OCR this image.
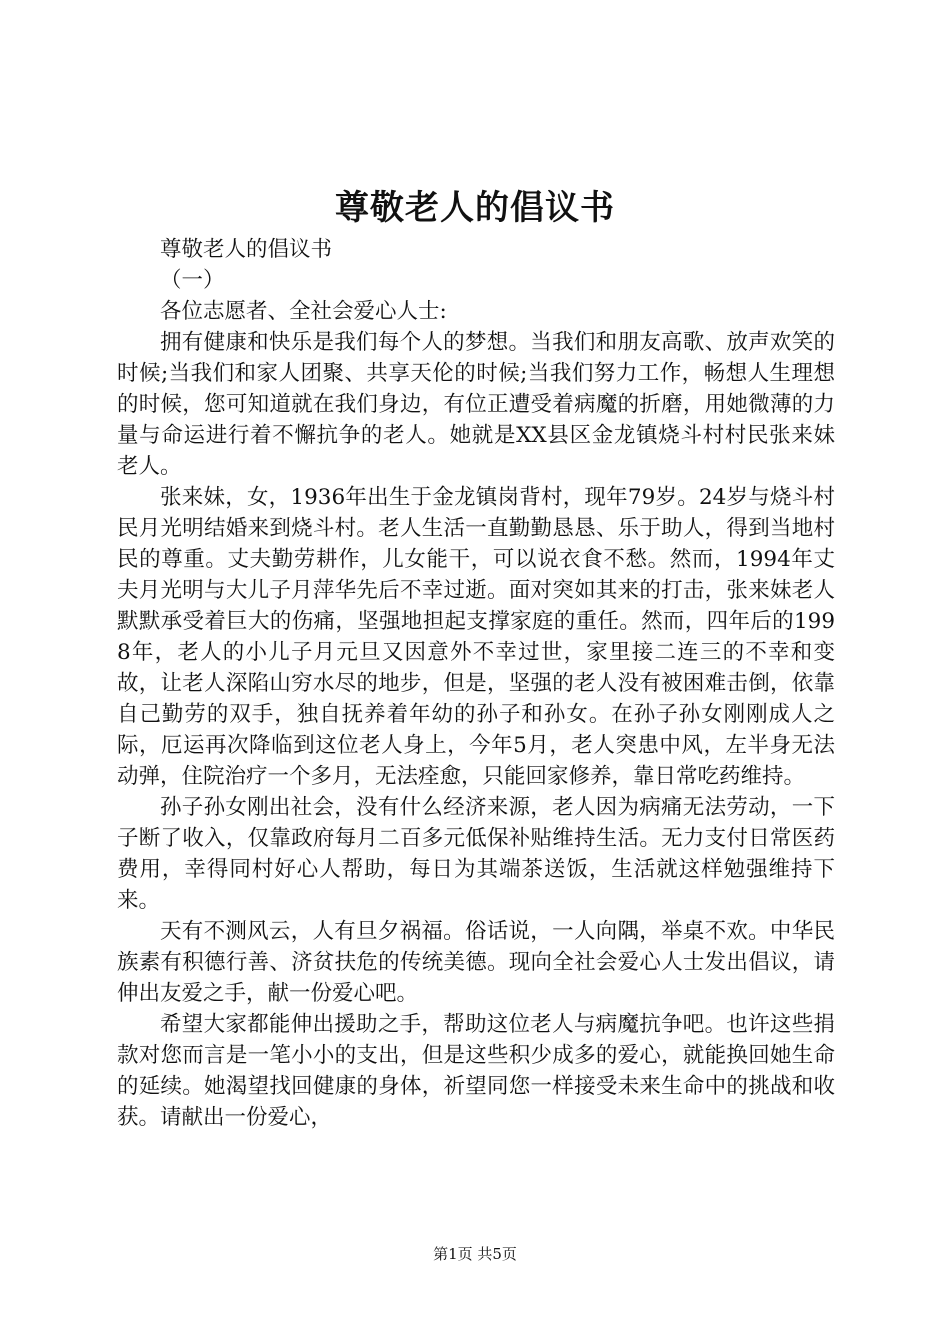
尊敬老人的倡议书

尊敬老人的倡议书

（一）

各位志愿者、全社会爱心人士:

拥有健康和快乐是我们每个人的梦想。当我们和朋友高歌、放声欢笑的时候;当我们和家人团聚、共享天伦的时候;当我们努力工作，畅想人生理想的时候，您可知道就在我们身边，有位正遭受着病魔的折磨，用她微薄的力量与命运进行着不懈抗争的老人。她就是XX县区金龙镇烧斗村村民张来妹老人。

张来妹，女，1936年出生于金龙镇岗背村，现年79岁。24岁与烧斗村民月光明结婚来到烧斗村。老人生活一直勤勤恳恳、乐于助人，得到当地村民的尊重。丈夫勤劳耕作，儿女能干，可以说衣食不愁。然而，1994年丈夫月光明与大儿子月萍华先后不幸过逝。面对突如其来的打击，张来妹老人默默承受着巨大的伤痛，坚强地担起支撑家庭的重任。然而，四年后的1998年，老人的小儿子月元旦又因意外不幸过世，家里接二连三的不幸和变故，让老人深陷山穷水尽的地步，但是，坚强的老人没有被困难击倒，依靠自己勤劳的双手，独自抚养着年幼的孙子和孙女。在孙子孙女刚刚成人之际，厄运再次降临到这位老人身上，今年5月，老人突患中风，左半身无法动弹，住院治疗一个多月，无法痊愈，只能回家修养，靠日常吃药维持。

孙子孙女刚出社会，没有什么经济来源，老人因为病痛无法劳动，一下子断了收入，仅靠政府每月二百多元低保补贴维持生活。无力支付日常医药费用，幸得同村好心人帮助，每日为其端茶送饭，生活就这样勉强维持下来。

天有不测风云，人有旦夕祸福。俗话说，一人向隅，举桌不欢。中华民族素有积德行善、济贫扶危的传统美德。现向全社会爱心人士发出倡议，请伸出友爱之手，献一份爱心吧。

希望大家都能伸出援助之手，帮助这位老人与病魔抗争吧。也许这些捐款对您而言是一笔小小的支出，但是这些积少成多的爱心，就能换回她生命的延续。她渴望找回健康的身体，祈望同您一样接受未来生命中的挑战和收获。请献出一份爱心，

第1页 共5页
